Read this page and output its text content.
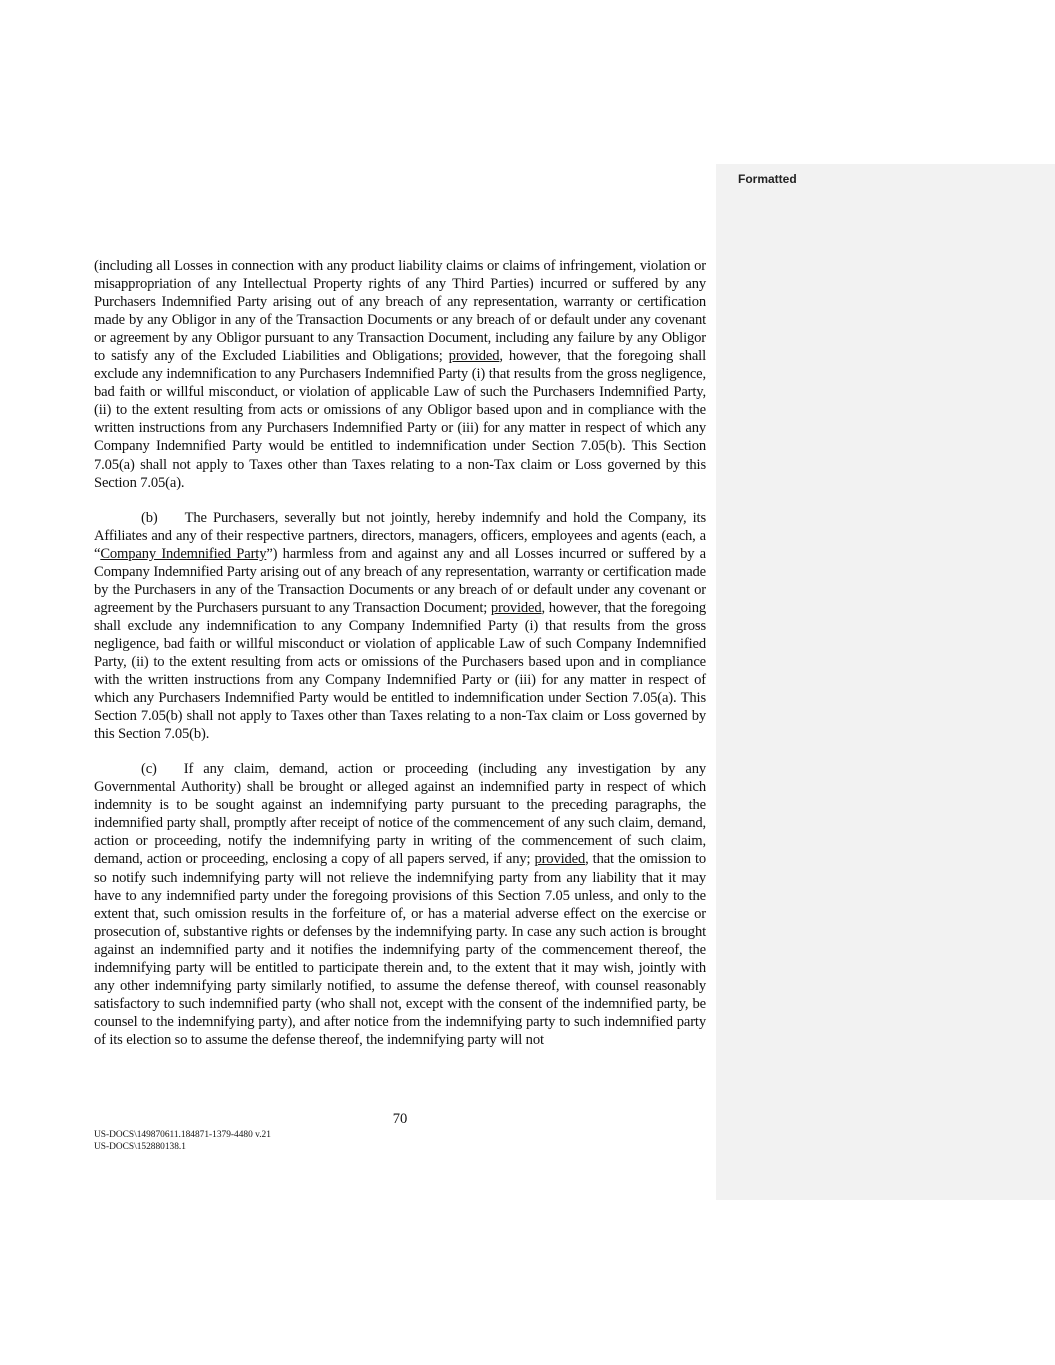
Formatted

(including all Losses in connection with any product liability claims or claims of infringement, violation or misappropriation of any Intellectual Property rights of any Third Parties) incurred or suffered by any Purchasers Indemnified Party arising out of any breach of any representation, warranty or certification made by any Obligor in any of the Transaction Documents or any breach of or default under any covenant or agreement by any Obligor pursuant to any Transaction Document, including any failure by any Obligor to satisfy any of the Excluded Liabilities and Obligations; provided, however, that the foregoing shall exclude any indemnification to any Purchasers Indemnified Party (i) that results from the gross negligence, bad faith or willful misconduct, or violation of applicable Law of such the Purchasers Indemnified Party, (ii) to the extent resulting from acts or omissions of any Obligor based upon and in compliance with the written instructions from any Purchasers Indemnified Party or (iii) for any matter in respect of which any Company Indemnified Party would be entitled to indemnification under Section 7.05(b). This Section 7.05(a) shall not apply to Taxes other than Taxes relating to a non-Tax claim or Loss governed by this Section 7.05(a).

(b) The Purchasers, severally but not jointly, hereby indemnify and hold the Company, its Affiliates and any of their respective partners, directors, managers, officers, employees and agents (each, a “Company Indemnified Party”) harmless from and against any and all Losses incurred or suffered by a Company Indemnified Party arising out of any breach of any representation, warranty or certification made by the Purchasers in any of the Transaction Documents or any breach of or default under any covenant or agreement by the Purchasers pursuant to any Transaction Document; provided, however, that the foregoing shall exclude any indemnification to any Company Indemnified Party (i) that results from the gross negligence, bad faith or willful misconduct or violation of applicable Law of such Company Indemnified Party, (ii) to the extent resulting from acts or omissions of the Purchasers based upon and in compliance with the written instructions from any Company Indemnified Party or (iii) for any matter in respect of which any Purchasers Indemnified Party would be entitled to indemnification under Section 7.05(a). This Section 7.05(b) shall not apply to Taxes other than Taxes relating to a non-Tax claim or Loss governed by this Section 7.05(b).

(c) If any claim, demand, action or proceeding (including any investigation by any Governmental Authority) shall be brought or alleged against an indemnified party in respect of which indemnity is to be sought against an indemnifying party pursuant to the preceding paragraphs, the indemnified party shall, promptly after receipt of notice of the commencement of any such claim, demand, action or proceeding, notify the indemnifying party in writing of the commencement of such claim, demand, action or proceeding, enclosing a copy of all papers served, if any; provided, that the omission to so notify such indemnifying party will not relieve the indemnifying party from any liability that it may have to any indemnified party under the foregoing provisions of this Section 7.05 unless, and only to the extent that, such omission results in the forfeiture of, or has a material adverse effect on the exercise or prosecution of, substantive rights or defenses by the indemnifying party. In case any such action is brought against an indemnified party and it notifies the indemnifying party of the commencement thereof, the indemnifying party will be entitled to participate therein and, to the extent that it may wish, jointly with any other indemnifying party similarly notified, to assume the defense thereof, with counsel reasonably satisfactory to such indemnified party (who shall not, except with the consent of the indemnified party, be counsel to the indemnifying party), and after notice from the indemnifying party to such indemnified party of its election so to assume the defense thereof, the indemnifying party will not

70
US-DOCS\149870611.184871-1379-4480 v.21
US-DOCS\152880138.1
